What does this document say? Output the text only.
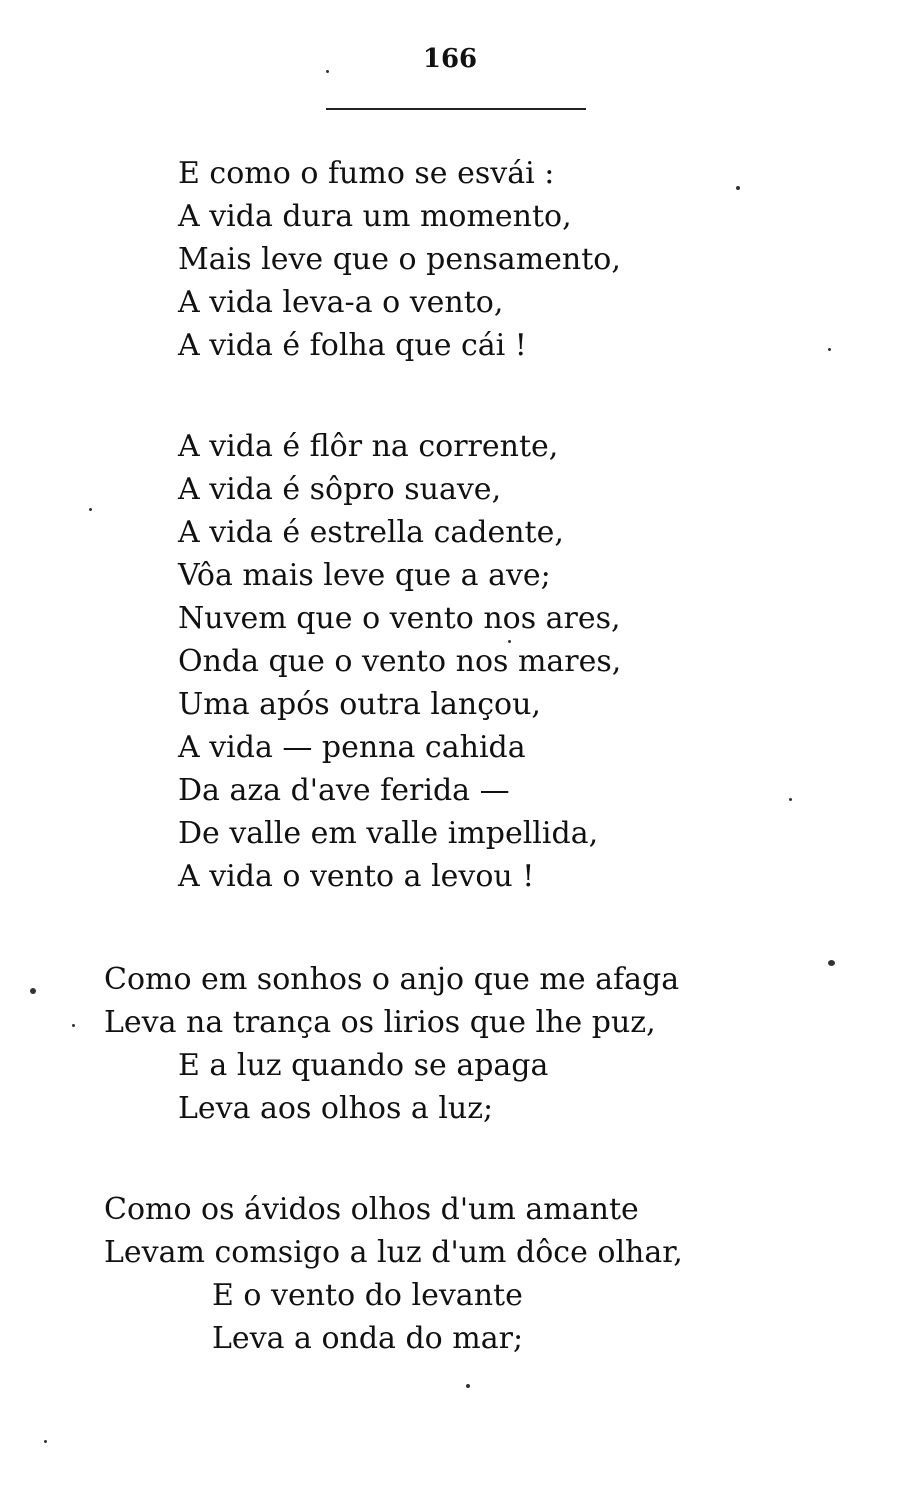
166
E como o fumo se esvái :
A vida dura um momento,
Mais leve que o pensamento,
A vida leva-a o vento,
A vida é folha que cái !
A vida é flôr na corrente,
A vida é sôpro suave,
A vida é estrella cadente,
Vôa mais leve que a ave;
Nuvem que o vento nos ares,
Onda que o vento nos mares,
Uma após outra lançou,
A vida — penna cahida
Da aza d'ave ferida —
De valle em valle impellida,
A vida o vento a levou !
Como em sonhos o anjo que me afaga
Leva na trança os lirios que lhe puz,
E a luz quando se apaga
Leva aos olhos a luz;
Como os ávidos olhos d'um amante
Levam comsigo a luz d'um dôce olhar,
E o vento do levante
Leva a onda do mar;
